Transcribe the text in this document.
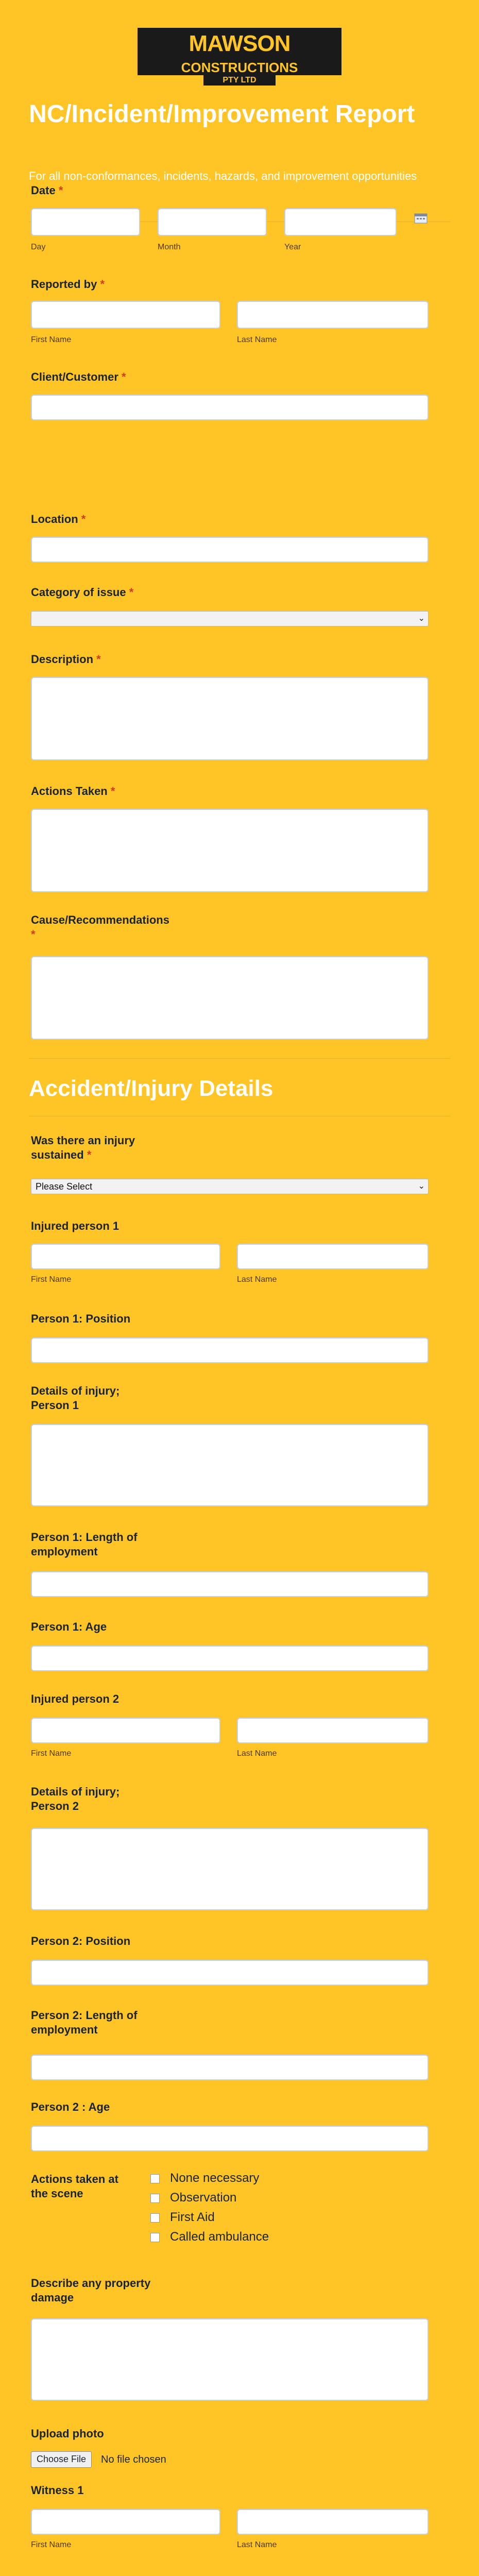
MAWSON
CONSTRUCTIONS
PTY LTD
NC/Incident/Improvement Report
For all non-conformances, incidents, hazards, and improvement opportunities
Date *
Day	Month	Year
Reported by *
First Name	Last Name
Client/Customer *
Location *
Category of issue *
⌄
Description *
Actions Taken *
Cause/Recommendations *
Accident/Injury Details
Was there an injury sustained *
Please Select	⌄
Injured person 1
First Name	Last Name
Person 1: Position
Details of injury; Person 1
Person 1: Length of employment
Person 1: Age
Injured person 2
First Name	Last Name
Details of injury; Person 2
Person 2: Position
Person 2: Length of employment
Person 2 : Age
Actions taken at the scene
None necessary
Observation
First Aid
Called ambulance
Describe any property damage
Upload photo
Choose File	No file chosen
Witness 1
First Name	Last Name
